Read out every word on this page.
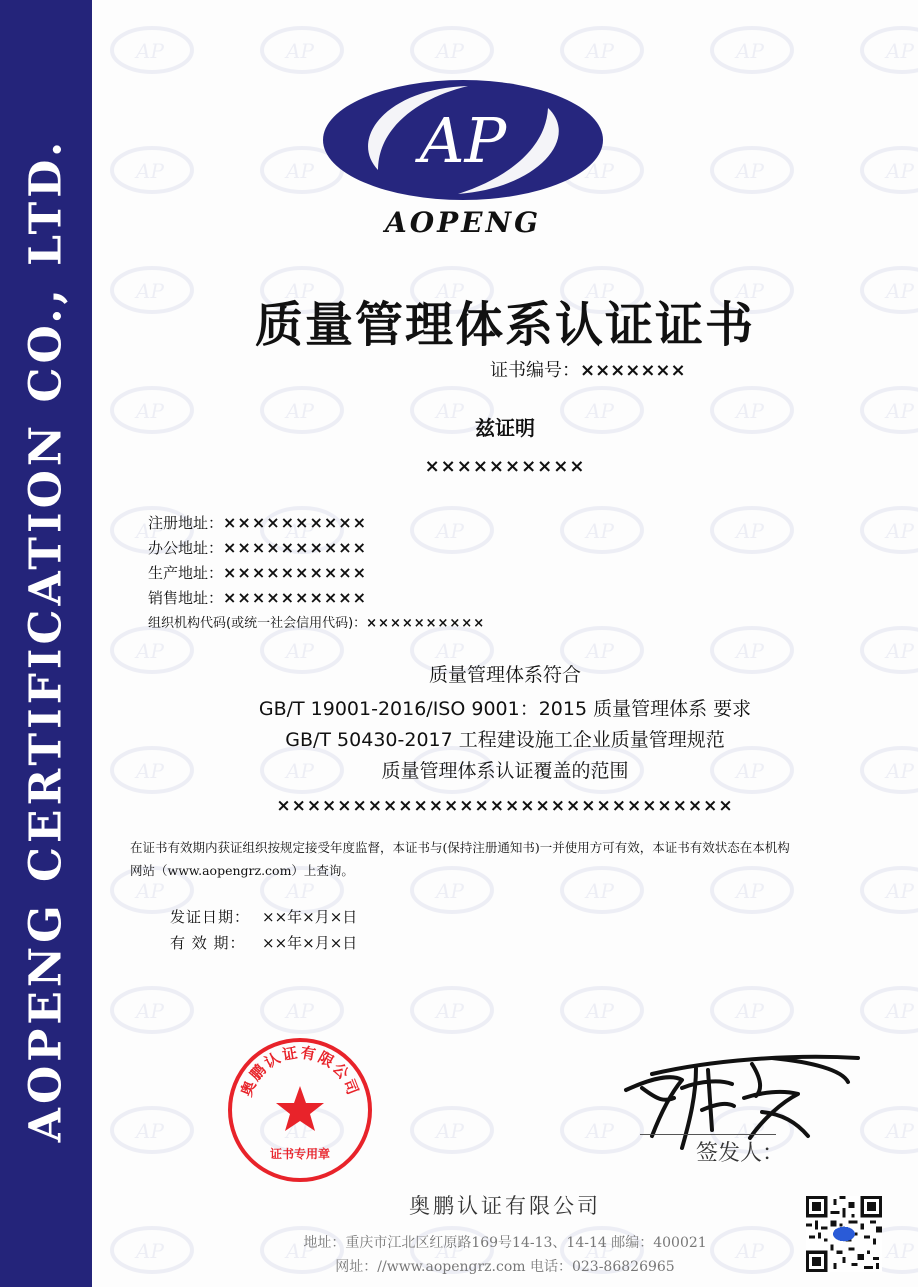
AOPENG CERTIFICATION CO., LTD.	AP
AOPENG
质量管理体系认证证书
证书编号：×××××××
兹证明
××××××××××
注册地址：××××××××××
办公地址：××××××××××
生产地址：××××××××××
销售地址：××××××××××
组织机构代码(或统一社会信用代码)：××××××××××
质量管理体系符合
GB/T 19001-2016/ISO 9001：2015 质量管理体系 要求
GB/T 50430-2017 工程建设施工企业质量管理规范
质量管理体系认证覆盖的范围
××××××××××××××××××××××××××××××
在证书有效期内获证组织按规定接受年度监督，本证书与(保持注册通知书)一并使用方可有效，本证书有效状态在本机构网站（www.aopengrz.com）上查询。
发证日期： ××年×月×日
有 效 期： ××年×月×日
奥鹏认证有限公司
证书专用章	签发人：
奥鹏认证有限公司
地址：重庆市江北区红原路169号14-13、14-14 邮编：400021
网址：//www.aopengrz.com 电话：023-86826965
